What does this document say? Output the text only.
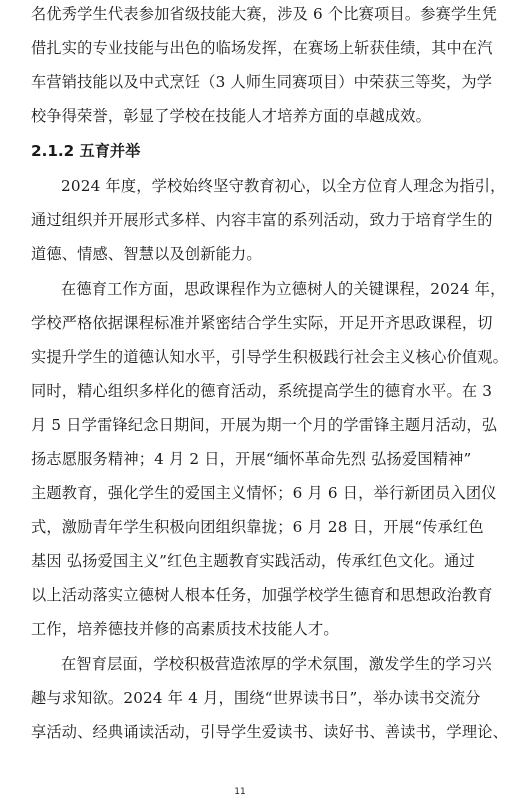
名优秀学生代表参加省级技能大赛，涉及 6 个比赛项目。参赛学生凭
借扎实的专业技能与出色的临场发挥，在赛场上斩获佳绩，其中在汽
车营销技能以及中式烹饪（3 人师生同赛项目）中荣获三等奖，为学
校争得荣誉，彰显了学校在技能人才培养方面的卓越成效。
2.1.2 五育并举
2024 年度，学校始终坚守教育初心，以全方位育人理念为指引，
通过组织并开展形式多样、内容丰富的系列活动，致力于培育学生的
道德、情感、智慧以及创新能力。
在德育工作方面，思政课程作为立德树人的关键课程，2024 年，
学校严格依据课程标准并紧密结合学生实际，开足开齐思政课程，切
实提升学生的道德认知水平，引导学生积极践行社会主义核心价值观。
同时，精心组织多样化的德育活动，系统提高学生的德育水平。在 3
月 5 日学雷锋纪念日期间，开展为期一个月的学雷锋主题月活动，弘
扬志愿服务精神；4 月 2 日，开展“缅怀革命先烈 弘扬爱国精神”
主题教育，强化学生的爱国主义情怀；6 月 6 日，举行新团员入团仪
式，激励青年学生积极向团组织靠拢；6 月 28 日，开展“传承红色
基因 弘扬爱国主义”红色主题教育实践活动，传承红色文化。通过
以上活动落实立德树人根本任务，加强学校学生德育和思想政治教育
工作，培养德技并修的高素质技术技能人才。
在智育层面，学校积极营造浓厚的学术氛围，激发学生的学习兴
趣与求知欲。2024 年 4 月，围绕“世界读书日”，举办读书交流分
享活动、经典诵读活动，引导学生爱读书、读好书、善读书，学理论、
11
